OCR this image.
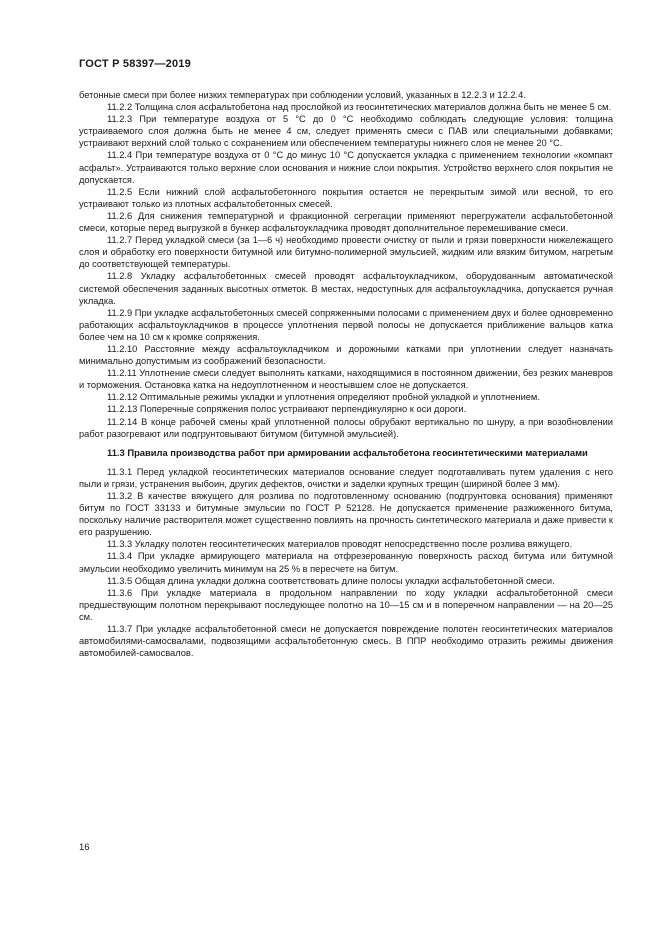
ГОСТ Р 58397—2019

бетонные смеси при более низких температурах при соблюдении условий, указанных в 12.2.3 и 12.2.4.

11.2.2 Толщина слоя асфальтобетона над прослойкой из геосинтетических материалов должна быть не менее 5 см.

11.2.3 При температуре воздуха от 5 °С до 0 °С необходимо соблюдать следующие условия: толщина устраиваемого слоя должна быть не менее 4 см, следует применять смеси с ПАВ или специальными добавками; устраивают верхний слой только с сохранением или обеспечением температуры нижнего слоя не менее 20 °С.

11.2.4 При температуре воздуха от 0 °С до минус 10 °С допускается укладка с применением технологии «компакт асфальт». Устраиваются только верхние слои основания и нижние слои покрытия. Устройство верхнего слоя покрытия не допускается.

11.2.5 Если нижний слой асфальтобетонного покрытия остается не перекрытым зимой или весной, то его устраивают только из плотных асфальтобетонных смесей.

11.2.6 Для снижения температурной и фракционной сегрегации применяют перегружатели асфальтобетонной смеси, которые перед выгрузкой в бункер асфальтоукладчика проводят дополнительное перемешивание смеси.

11.2.7 Перед укладкой смеси (за 1—6 ч) необходимо провести очистку от пыли и грязи поверхности нижележащего слоя и обработку его поверхности битумной или битумно-полимерной эмульсией, жидким или вязким битумом, нагретым до соответствующей температуры.

11.2.8 Укладку асфальтобетонных смесей проводят асфальтоукладчиком, оборудованным автоматической системой обеспечения заданных высотных отметок. В местах, недоступных для асфальтоукладчика, допускается ручная укладка.

11.2.9 При укладке асфальтобетонных смесей сопряженными полосами с применением двух и более одновременно работающих асфальтоукладчиков в процессе уплотнения первой полосы не допускается приближение вальцов катка более чем на 10 см к кромке сопряжения.

11.2.10 Расстояние между асфальтоукладчиком и дорожными катками при уплотнении следует назначать минимально допустимым из соображений безопасности.

11.2.11 Уплотнение смеси следует выполнять катками, находящимися в постоянном движении, без резких маневров и торможения. Остановка катка на недоуплотненном и неостывшем слое не допускается.

11.2.12 Оптимальные режимы укладки и уплотнения определяют пробной укладкой и уплотнением.

11.2.13 Поперечные сопряжения полос устраивают перпендикулярно к оси дороги.

11.2.14 В конце рабочей смены край уплотненной полосы обрубают вертикально по шнуру, а при возобновлении работ разогревают или подгрунтовывают битумом (битумной эмульсией).

11.3 Правила производства работ при армировании асфальтобетона геосинтетическими материалами

11.3.1 Перед укладкой геосинтетических материалов основание следует подготавливать путем удаления с него пыли и грязи, устранения выбоин, других дефектов, очистки и заделки крупных трещин (шириной более 3 мм).

11.3.2 В качестве вяжущего для розлива по подготовленному основанию (подгрунтовка основания) применяют битум по ГОСТ 33133 и битумные эмульсии по ГОСТ Р 52128. Не допускается применение разжиженного битума, поскольку наличие растворителя может существенно повлиять на прочность синтетического материала и даже привести к его разрушению.

11.3.3 Укладку полотен геосинтетических материалов проводят непосредственно после розлива вяжущего.

11.3.4 При укладке армирующего материала на отфрезерованную поверхность расход битума или битумной эмульсии необходимо увеличить минимум на 25 % в пересчете на битум.

11.3.5 Общая длина укладки должна соответствовать длине полосы укладки асфальтобетонной смеси.

11.3.6 При укладке материала в продольном направлении по ходу укладки асфальтобетонной смеси предшествующим полотном перекрывают последующее полотно на 10—15 см и в поперечном направлении — на 20—25 см.

11.3.7 При укладке асфальтобетонной смеси не допускается повреждение полотен геосинтетических материалов автомобилями-самосвалами, подвозящими асфальтобетонную смесь. В ППР необходимо отразить режимы движения автомобилей-самосвалов.

16
